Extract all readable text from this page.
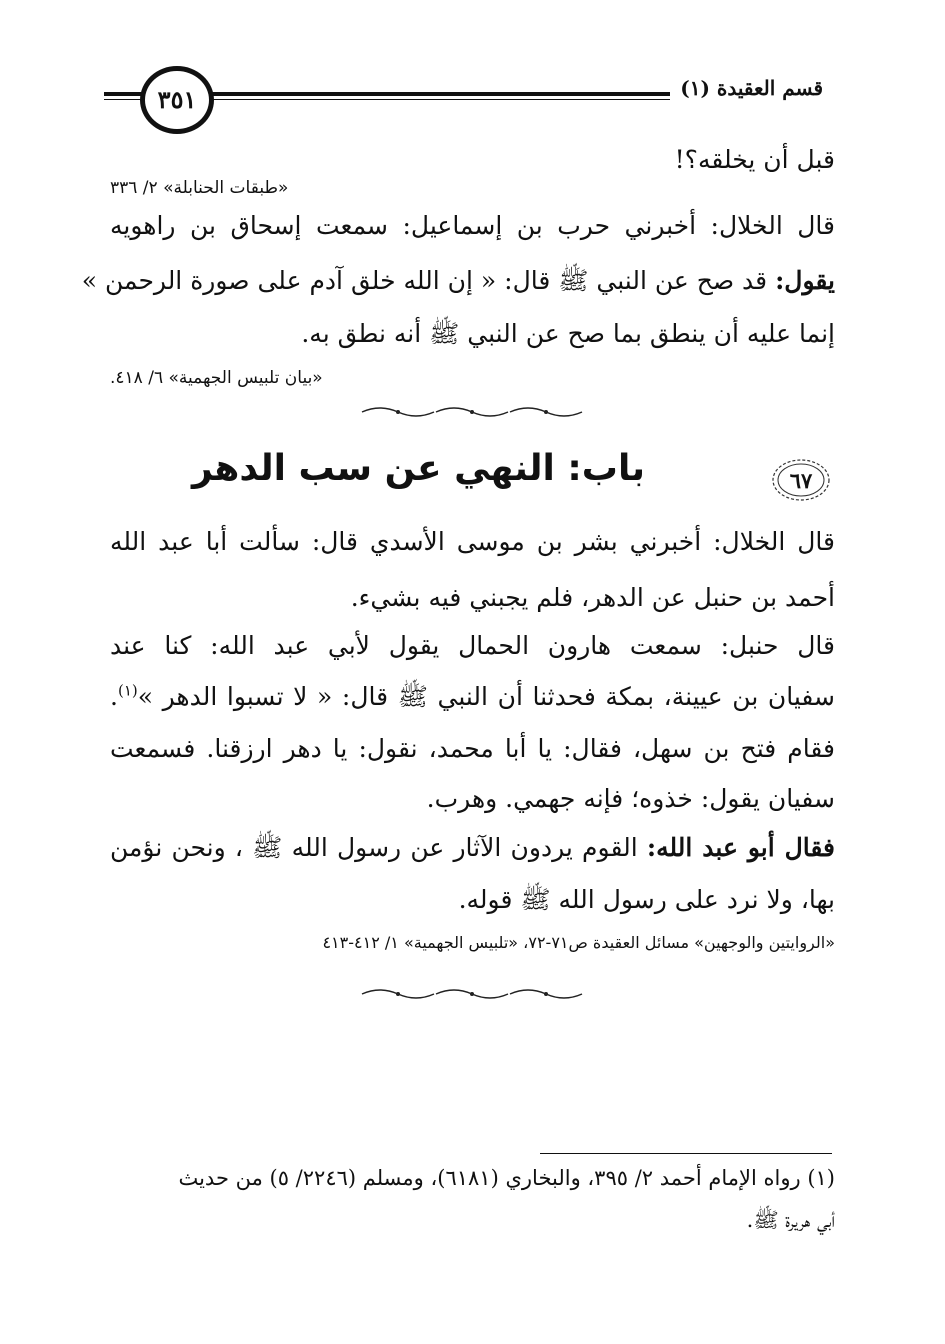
قسم العقيدة (١)
٣٥١
قبل أن يخلقه؟!
«طبقات الحنابلة» ٢/ ٣٣٦
قال الخلال: أخبرني حرب بن إسماعيل: سمعت إسحاق بن راهويه
يقول: قد صح عن النبي ﷺ قال: « إن الله خلق آدم على صورة الرحمن »
إنما عليه أن ينطق بما صح عن النبي ﷺ أنه نطق به.
«بيان تلبيس الجهمية» ٦/ ٤١٨.
باب: النهي عن سب الدهر	٦٧
قال الخلال: أخبرني بشر بن موسى الأسدي قال: سألت أبا عبد الله
أحمد بن حنبل عن الدهر، فلم يجبني فيه بشيء.
قال حنبل: سمعت هارون الحمال يقول لأبي عبد الله: كنا عند
سفيان بن عيينة، بمكة فحدثنا أن النبي ﷺ قال: « لا تسبوا الدهر »$^{(١)}$.
فقام فتح بن سهل، فقال: يا أبا محمد، نقول: يا دهر ارزقنا. فسمعت
سفيان يقول: خذوه؛ فإنه جهمي. وهرب.
فقال أبو عبد الله: القوم يردون الآثار عن رسول الله ﷺ ، ونحن نؤمن
بها، ولا نرد على رسول الله ﷺ قوله.
«الروايتين والوجهين» مسائل العقيدة ص٧١-٧٢، «تلبيس الجهمية» ١/ ٤١٢-٤١٣
(١) رواه الإمام أحمد ٢/ ٣٩٥، والبخاري (٦١٨١)، ومسلم (٢٢٤٦/ ٥) من حديث
أبي هريرة ﷺ.
